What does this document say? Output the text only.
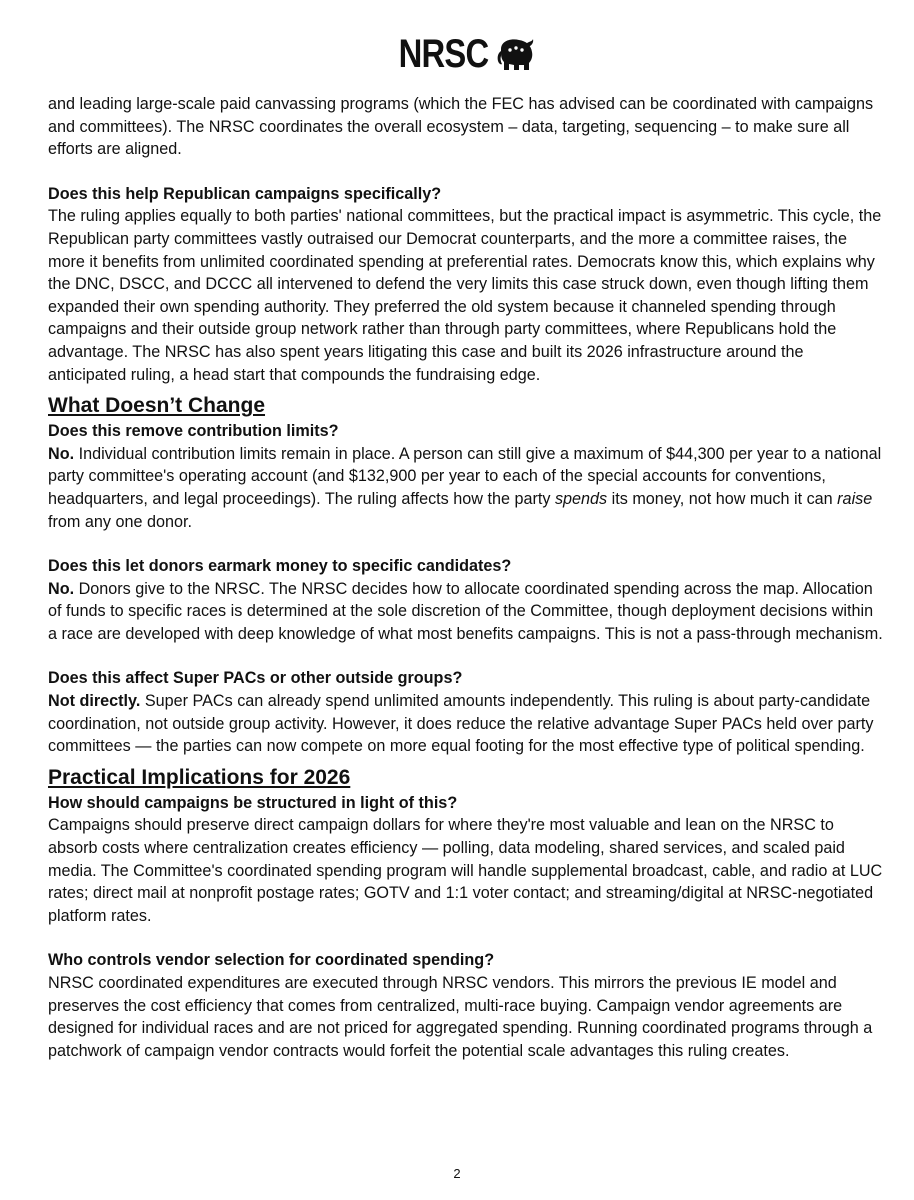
NRSC

and leading large-scale paid canvassing programs (which the FEC has advised can be coordinated with campaigns and committees). The NRSC coordinates the overall ecosystem – data, targeting, sequencing – to make sure all efforts are aligned.

Does this help Republican campaigns specifically?

The ruling applies equally to both parties' national committees, but the practical impact is asymmetric. This cycle, the Republican party committees vastly outraised our Democrat counterparts, and the more a committee raises, the more it benefits from unlimited coordinated spending at preferential rates. Democrats know this, which explains why the DNC, DSCC, and DCCC all intervened to defend the very limits this case struck down, even though lifting them expanded their own spending authority. They preferred the old system because it channeled spending through campaigns and their outside group network rather than through party committees, where Republicans hold the advantage. The NRSC has also spent years litigating this case and built its 2026 infrastructure around the anticipated ruling, a head start that compounds the fundraising edge.

What Doesn’t Change

Does this remove contribution limits?

No. Individual contribution limits remain in place. A person can still give a maximum of $44,300 per year to a national party committee's operating account (and $132,900 per year to each of the special accounts for conventions, headquarters, and legal proceedings). The ruling affects how the party spends its money, not how much it can raise from any one donor.

Does this let donors earmark money to specific candidates?

No. Donors give to the NRSC. The NRSC decides how to allocate coordinated spending across the map. Allocation of funds to specific races is determined at the sole discretion of the Committee, though deployment decisions within a race are developed with deep knowledge of what most benefits campaigns. This is not a pass-through mechanism.

Does this affect Super PACs or other outside groups?

Not directly. Super PACs can already spend unlimited amounts independently. This ruling is about party-candidate coordination, not outside group activity. However, it does reduce the relative advantage Super PACs held over party committees — the parties can now compete on more equal footing for the most effective type of political spending.

Practical Implications for 2026

How should campaigns be structured in light of this?

Campaigns should preserve direct campaign dollars for where they're most valuable and lean on the NRSC to absorb costs where centralization creates efficiency — polling, data modeling, shared services, and scaled paid media. The Committee's coordinated spending program will handle supplemental broadcast, cable, and radio at LUC rates; direct mail at nonprofit postage rates; GOTV and 1:1 voter contact; and streaming/digital at NRSC-negotiated platform rates.

Who controls vendor selection for coordinated spending?

NRSC coordinated expenditures are executed through NRSC vendors. This mirrors the previous IE model and preserves the cost efficiency that comes from centralized, multi-race buying. Campaign vendor agreements are designed for individual races and are not priced for aggregated spending. Running coordinated programs through a patchwork of campaign vendor contracts would forfeit the potential scale advantages this ruling creates.

2
